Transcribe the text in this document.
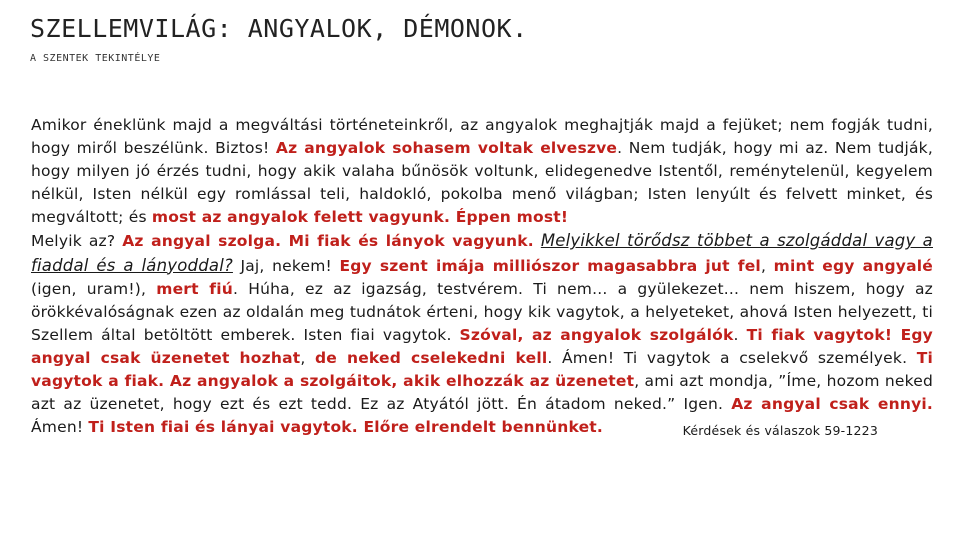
SZELLEMVILÁG: ANGYALOK, DÉMONOK.
A SZENTEK TEKINTÉLYE

Amikor éneklünk majd a megváltási történeteinkről, az angyalok meghajtják majd a fejüket; nem fogják tudni, hogy miről beszélünk. Biztos! Az angyalok sohasem voltak elveszve. Nem tudják, hogy mi az. Nem tudják, hogy milyen jó érzés tudni, hogy akik valaha bűnösök voltunk, elidegenedve Istentől, reménytelenül, kegyelem nélkül, Isten nélkül egy romlással teli, haldokló, pokolba menő világban; Isten lenyúlt és felvett minket, és megváltott; és most az angyalok felett vagyunk. Éppen most!
Melyik az? Az angyal szolga. Mi fiak és lányok vagyunk. Melyikkel törődsz többet a szolgáddal vagy a fiaddal és a lányoddal? Jaj, nekem! Egy szent imája milliószor magasabbra jut fel, mint egy angyalé (igen, uram!), mert fiú. Húha, ez az igazság, testvérem. Ti nem... a gyülekezet... nem hiszem, hogy az örökkévalóságnak ezen az oldalán meg tudnátok érteni, hogy kik vagytok, a helyeteket, ahová Isten helyezett, ti Szellem által betöltött emberek. Isten fiai vagytok. Szóval, az angyalok szolgálók. Ti fiak vagytok! Egy angyal csak üzenetet hozhat, de neked cselekedni kell. Ámen! Ti vagytok a cselekvő személyek. Ti vagytok a fiak. Az angyalok a szolgáitok, akik elhozzák az üzenetet, ami azt mondja, ”Íme, hozom neked azt az üzenetet, hogy ezt és ezt tedd. Ez az Atyától jött. Én átadom neked.” Igen. Az angyal csak ennyi. Ámen! Ti Isten fiai és lányai vagytok. Előre elrendelt bennünket.	Kérdések és válaszok 59-1223
